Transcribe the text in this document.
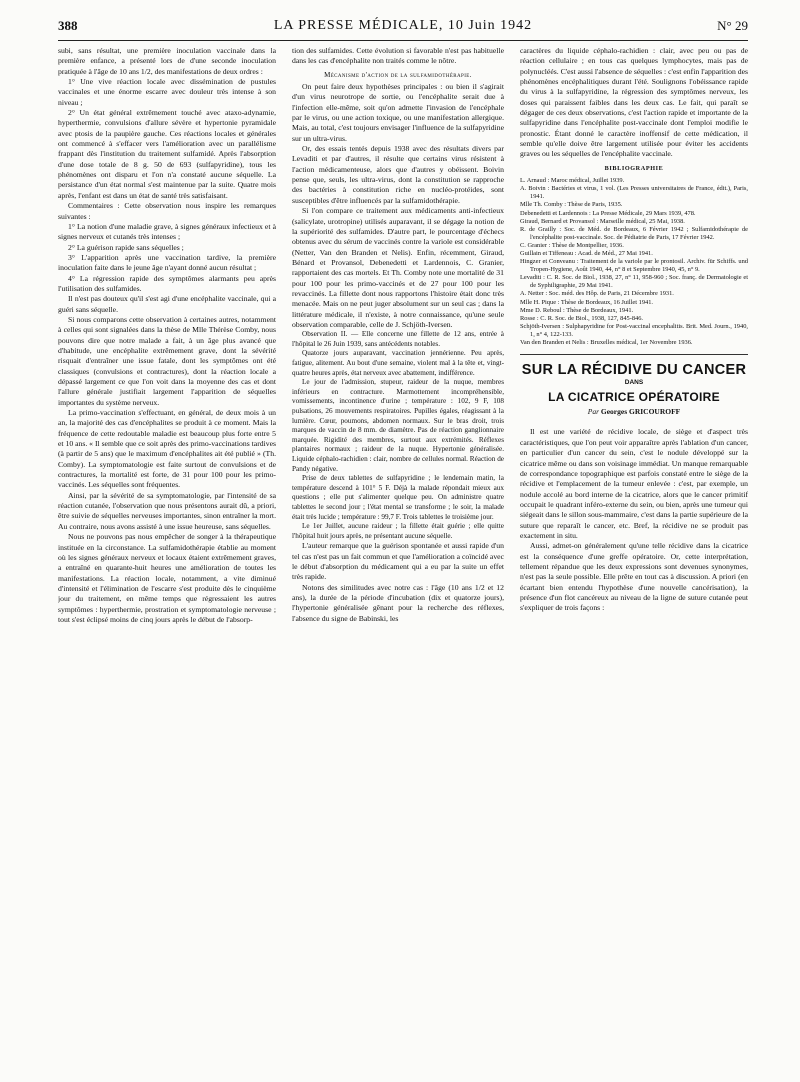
388	LA PRESSE MÉDICALE, 10 Juin 1942	N° 29

subi, sans résultat, une première inoculation vaccinale dans la première enfance, a présenté lors de d'une seconde inoculation pratiquée à l'âge de 10 ans 1/2, des manifestations de deux ordres :

1° Une vive réaction locale avec dissémination de pustules vaccinales et une énorme escarre avec douleur très intense à son niveau ;

2° Un état général extrêmement touché avec ataxo-adynamie, hyperthermie, convulsions d'allure sévère et hypertonie pyramidale avec ptosis de la paupière gauche. Ces réactions locales et générales ont commencé à s'effacer vers l'amélioration avec un parallélisme frappant dès l'institution du traitement sulfamidé. Après l'absorption d'une dose totale de 8 g. 50 de 693 (sulfapyridine), tous les phénomènes ont disparu et l'on n'a constaté aucune séquelle. La persistance d'un état normal s'est maintenue par la suite. Quatre mois après, l'enfant est dans un état de santé très satisfaisant.

Commentaires : Cette observation nous inspire les remarques suivantes :

1° La notion d'une maladie grave, à signes généraux infectieux et à signes nerveux et cutanés très intenses ;

2° La guérison rapide sans séquelles ;

3° L'apparition après une vaccination tardive, la première inoculation faite dans le jeune âge n'ayant donné aucun résultat ;

4° La régression rapide des symptômes alarmants peu après l'utilisation des sulfamides.

Il n'est pas douteux qu'il s'est agi d'une encéphalite vaccinale, qui a guéri sans séquelle.

Si nous comparons cette observation à certaines autres, notamment à celles qui sont signalées dans la thèse de Mlle Thérèse Comby, nous pouvons dire que notre malade a fait, à un âge plus avancé que d'habitude, une encéphalite extrêmement grave, dont la sévérité risquait d'entraîner une issue fatale, dont les symptômes ont été classiques (convulsions et contractures), dont la réaction locale a dépassé largement ce que l'on voit dans la moyenne des cas et dont l'allure générale justifiait largement l'apparition de séquelles importantes du système nerveux.

La primo-vaccination s'effectuant, en général, de deux mois à un an, la majorité des cas d'encéphalites se produit à ce moment. Mais la fréquence de cette redoutable maladie est beaucoup plus forte entre 5 et 10 ans. « Il semble que ce soit après des primo-vaccinations tardives (à partir de 5 ans) que le maximum d'encéphalites ait été publié » (Th. Comby). La symptomatologie est faite surtout de convulsions et de contractures, la mortalité est forte, de 31 pour 100 pour les primo-vaccinés. Les séquelles sont fréquentes.

Ainsi, par la sévérité de sa symptomatologie, par l'intensité de sa réaction cutanée, l'observation que nous présentons aurait dû, a priori, être suivie de séquelles nerveuses importantes, sinon entraîner la mort. Au contraire, nous avons assisté à une issue heureuse, sans séquelles.

Nous ne pouvons pas nous empêcher de songer à la thérapeutique instituée en la circonstance. La sulfamidothérapie établie au moment où les signes généraux nerveux et locaux étaient extrêmement graves, a entraîné en quarante-huit heures une amélioration de toutes les manifestations. La réaction locale, notamment, a vite diminué d'intensité et l'élimination de l'escarre s'est produite dès le cinquième jour du traitement, en même temps que régressaient les autres symptômes : hyperthermie, prostration et symptomatologie nerveuse ; tout s'est éclipsé moins de cinq jours après le début de l'absorp-

tion des sulfamides. Cette évolution si favorable n'est pas habituelle dans les cas d'encéphalite non traités comme le nôtre.

Mécanisme d'action de la sulfamidothérapie.

On peut faire deux hypothèses principales : ou bien il s'agirait d'un virus neurotrope de sortie, ou l'encéphalite serait due à l'infection elle-même, soit qu'on admette l'invasion de l'encéphale par le virus, ou une action toxique, ou une manifestation allergique. Mais, au total, c'est toujours envisager l'influence de la sulfapyridine sur un ultra-virus.

Or, des essais tentés depuis 1938 avec des résultats divers par Levaditi et par d'autres, il résulte que certains virus résistent à l'action médicamenteuse, alors que d'autres y obéissent. Boivin pense que, seuls, les ultra-virus, dont la constitution se rapproche des bactéries à constitution riche en nucléo-protéides, sont susceptibles d'être influencés par la sulfamidothérapie.

Si l'on compare ce traitement aux médicaments anti-infectieux (salicylate, urotropine) utilisés auparavant, il se dégage la notion de la supériorité des sulfamides. D'autre part, le pourcentage d'échecs obtenus avec du sérum de vaccinés contre la variole est considérable (Netter, Van den Branden et Nelis). Enfin, récemment, Giraud, Bénard et Provansol, Debenedetti et Lardennois, C. Granier, rapportaient des cas mortels. Et Th. Comby note une mortalité de 31 pour 100 pour les primo-vaccinés et de 27 pour 100 pour les revaccinés. La fillette dont nous rapportons l'histoire était donc très menacée. Mais on ne peut juger absolument sur un seul cas ; dans la littérature médicale, il n'existe, à notre connaissance, qu'une seule observation comparable, celle de J. Schjöth-Iversen.

Observation II. — Elle concerne une fillette de 12 ans, entrée à l'hôpital le 26 Juin 1939, sans antécédents notables.

Quatorze jours auparavant, vaccination jennérienne. Peu après, fatigue, alitement. Au bout d'une semaine, violent mal à la tête et, vingt-quatre heures après, état nerveux avec abattement, indifférence.

Le jour de l'admission, stupeur, raideur de la nuque, membres inférieurs en contracture. Marmottement incompréhensible, vomissements, incontinence d'urine ; température : 102, 9 F, 108 pulsations, 26 mouvements respiratoires. Pupilles égales, réagissant à la lumière. Cœur, poumons, abdomen normaux. Sur le bras droit, trois marques de vaccin de 8 mm. de diamètre. Pas de réaction ganglionnaire marquée. Rigidité des membres, surtout aux extrémités. Réflexes plantaires normaux ; raideur de la nuque. Hypertonie généralisée. Liquide céphalo-rachidien : clair, nombre de cellules normal. Réaction de Pandy négative.

Prise de deux tablettes de sulfapyridine ; le lendemain matin, la température descend à 101° 5 F. Déjà la malade répondait mieux aux questions ; elle put s'alimenter quelque peu. On administre quatre tablettes le second jour ; l'état mental se transforme ; le soir, la malade était très lucide ; température : 99,7 F. Trois tablettes le troisième jour.

Le 1er Juillet, aucune raideur ; la fillette était guérie ; elle quitte l'hôpital huit jours après, ne présentant aucune séquelle.

L'auteur remarque que la guérison spontanée et aussi rapide d'un tel cas n'est pas un fait commun et que l'amélioration a coïncidé avec le début d'absorption du médicament qui a eu par la suite un effet très rapide.

Notons des similitudes avec notre cas : l'âge (10 ans 1/2 et 12 ans), la durée de la période d'incubation (dix et quatorze jours), l'hypertonie généralisée gênant pour la recherche des réflexes, l'absence du signe de Babinski, les

caractères du liquide céphalo-rachidien : clair, avec peu ou pas de réaction cellulaire ; en tous cas quelques lymphocytes, mais pas de polynucléés. C'est aussi l'absence de séquelles : c'est enfin l'apparition des phénomènes encéphalitiques durant l'été. Soulignons l'obéissance rapide du virus à la sulfapyridine, la régression des symptômes nerveux, les doses qui paraissent faibles dans les deux cas. Le fait, qui paraît se dégager de ces deux observations, c'est l'action rapide et importante de la sulfapyridine dans l'encéphalite post-vaccinale dont l'emploi modifie le pronostic. Étant donné le caractère inoffensif de cette médication, il semble qu'elle doive être largement utilisée pour éviter les accidents graves ou les séquelles de l'encéphalite vaccinale.

BIBLIOGRAPHIE
L. Arnaud : Maroc médical, Juillet 1939.
A. Boivin : Bactéries et virus, 1 vol. (Les Presses universitaires de France, édit.), Paris, 1941.
Mlle Th. Comby : Thèse de Paris, 1935.
Debenedetti et Lardennois : La Presse Médicale, 29 Mars 1939, 478.
Giraud, Bernard et Provansol : Marseille médical, 25 Mai, 1938.
R. de Grailly : Soc. de Méd. de Bordeaux, 6 Février 1942 ; Sulfamidothérapie de l'encéphalite post-vaccinale. Soc. de Pédiatrie de Paris, 17 Février 1942.
C. Granier : Thèse de Montpellier, 1936.
Guillain et Tiffeneau : Acad. de Méd., 27 Mai 1941.
Hingzer et Conveanu : Traitement de la variole par le prontosil. Archiv. für Schiffs. und Tropen-Hygiene, Août 1940, 44, n° 8 et Septembre 1940, 45, n° 9.
Levaditi : C. R. Soc. de Biol., 1938, 27, n° 11, 958-960 ; Soc. franç. de Dermatologie et de Syphiligraphie, 29 Mai 1941.
A. Netter : Soc. méd. des Hôp. de Paris, 21 Décembre 1931.
Mlle H. Pique : Thèse de Bordeaux, 16 Juillet 1941.
Mme D. Reboul : Thèse de Bordeaux, 1941.
Rosse : C. R. Soc. de Biol., 1938, 127, 845-846.
Schjöth-Iversen : Sulphapyridine for Post-vaccinal encephalitis. Brit. Med. Journ., 1940, 1, n° 4, 122-133.
Van den Branden et Nelis : Bruxelles médical, 1er Novembre 1936.
SUR LA RÉCIDIVE DU CANCER
DANS
LA CICATRICE OPÉRATOIRE
Par Georges GRICOUROFF

Il est une variété de récidive locale, de siège et d'aspect très caractéristiques, que l'on peut voir apparaître après l'ablation d'un cancer, en particulier d'un cancer du sein, c'est le nodule développé sur la cicatrice même ou dans son voisinage immédiat. Un manque remarquable de correspondance topographique est parfois constaté entre le siège de la récidive et l'emplacement de la tumeur enlevée : c'est, par exemple, un nodule accolé au bord interne de la cicatrice, alors que le cancer primitif occupait le quadrant inféro-externe du sein, ou bien, après une tumeur qui siégeait dans le sillon sous-mammaire, c'est dans la partie supérieure de la suture que reparaît le cancer, etc. Bref, la récidive ne se produit pas exactement in situ.

Aussi, admet-on généralement qu'une telle récidive dans la cicatrice est la conséquence d'une greffe opératoire. Or, cette interprétation, tellement répandue que les deux expressions sont devenues synonymes, n'est pas la seule possible. Elle prête en tout cas à discussion. A priori (en écartant bien entendu l'hypothèse d'une nouvelle cancérisation), la présence d'un flot cancéreux au niveau de la ligne de suture cutanée peut s'expliquer de trois façons :
